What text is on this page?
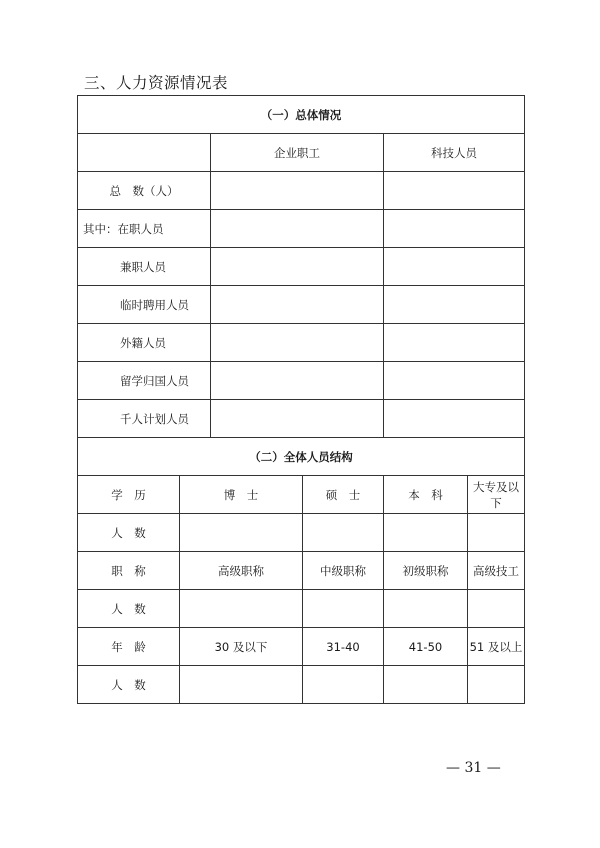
三、人力资源情况表
（一）总体情况					
		企业职工		科技人员	
总　数（人）					
其中：在职人员					
兼职人员					
临时聘用人员					
外籍人员					
留学归国人员					
千人计划人员					
（二）全体人员结构					
学　历	博　士		硕　士	本　科	大专及以下
人　数					
职　称	高级职称		中级职称	初级职称	高级技工
人　数					
年　龄	30 及以下		31-40	41-50	51 及以上
人　数					
— 31 —
